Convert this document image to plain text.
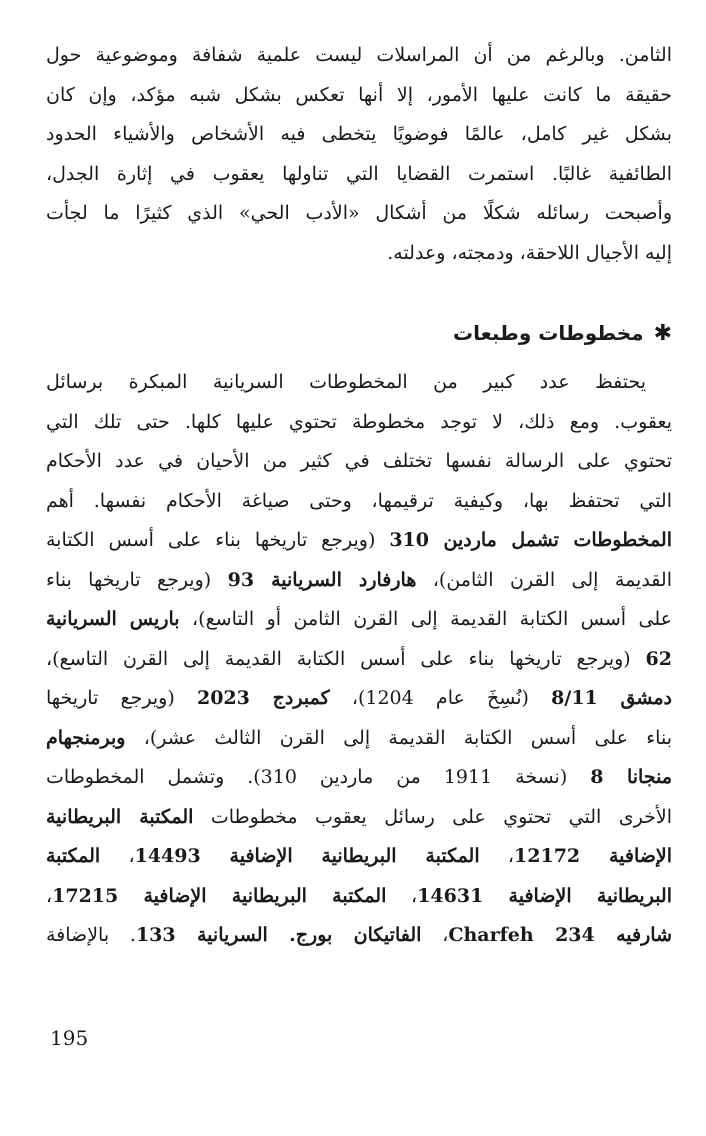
الثامن. وبالرغم من أن المراسلات ليست علمية شفافة وموضوعية حول
حقيقة ما كانت عليها الأمور، إلا أنها تعكس بشكل شبه مؤكد، وإن كان
بشكل غير كامل، عالمًا فوضويًا يتخطى فيه الأشخاص والأشياء الحدود
الطائفية غالبًا. استمرت القضايا التي تناولها يعقوب في إثارة الجدل،
وأصبحت رسائله شكلًا من أشكال «الأدب الحي» الذي كثيرًا ما لجأت
إليه الأجيال اللاحقة، ودمجته، وعدلته.
✱مخطوطات وطبعات
يحتفظ عدد كبير من المخطوطات السريانية المبكرة برسائل
يعقوب. ومع ذلك، لا توجد مخطوطة تحتوي عليها كلها. حتى تلك التي
تحتوي على الرسالة نفسها تختلف في كثير من الأحيان في عدد الأحكام
التي تحتفظ بها، وكيفية ترقيمها، وحتى صياغة الأحكام نفسها. أهم
المخطوطات تشمل ماردين 310 (ويرجع تاريخها بناء على أسس الكتابة
القديمة إلى القرن الثامن)، هارفارد السريانية 93 (ويرجع تاريخها بناء
على أسس الكتابة القديمة إلى القرن الثامن أو التاسع)، باريس السريانية
62 (ويرجع تاريخها بناء على أسس الكتابة القديمة إلى القرن التاسع)،
دمشق 8/11 (نُسِخَ عام 1204)، كمبردج 2023 (ويرجع تاريخها
بناء على أسس الكتابة القديمة إلى القرن الثالث عشر)، وبرمنجهام
منجانا 8 (نسخة 1911 من ماردين 310). وتشمل المخطوطات
الأخرى التي تحتوي على رسائل يعقوب مخطوطات المكتبة البريطانية
الإضافية 12172، المكتبة البريطانية الإضافية 14493، المكتبة
البريطانية الإضافية 14631، المكتبة البريطانية الإضافية 17215،
شارفيه 234 Charfeh، الفاتيكان بورج. السريانية 133. بالإضافة
195
